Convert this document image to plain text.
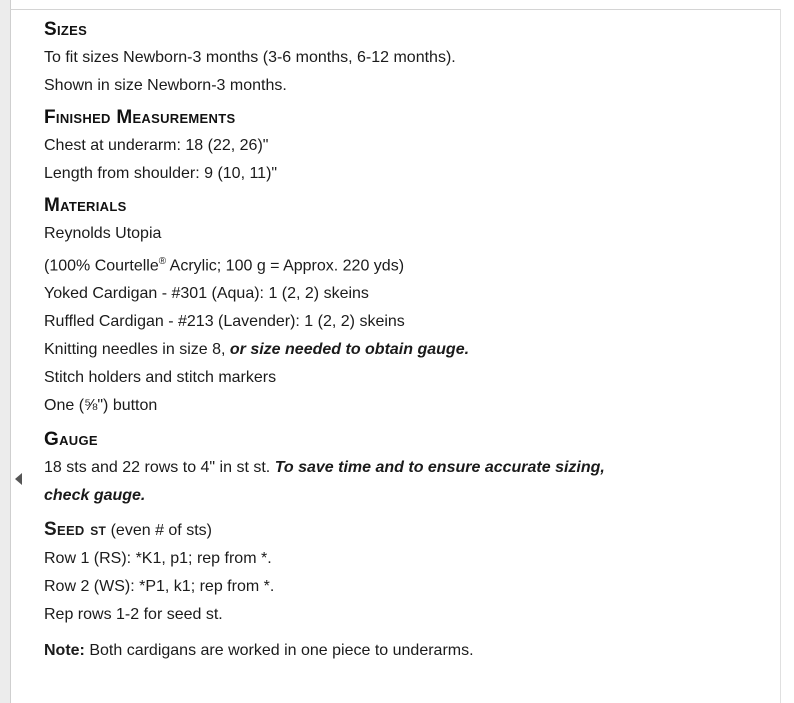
Sizes
To fit sizes Newborn-3 months (3-6 months, 6-12 months).
Shown in size Newborn-3 months.
Finished Measurements
Chest at underarm: 18 (22, 26)"
Length from shoulder: 9 (10, 11)"
Materials
Reynolds Utopia
(100% Courtelle® Acrylic; 100 g = Approx. 220 yds)
Yoked Cardigan - #301 (Aqua): 1 (2, 2) skeins
Ruffled Cardigan - #213 (Lavender): 1 (2, 2) skeins
Knitting needles in size 8, or size needed to obtain gauge.
Stitch holders and stitch markers
One (⅝") button
Gauge
18 sts and 22 rows to 4" in st st. To save time and to ensure accurate sizing,
check gauge.
Seed st (even # of sts)
Row 1 (RS): *K1, p1; rep from *.
Row 2 (WS): *P1, k1; rep from *.
Rep rows 1-2 for seed st.
Note: Both cardigans are worked in one piece to underarms.
